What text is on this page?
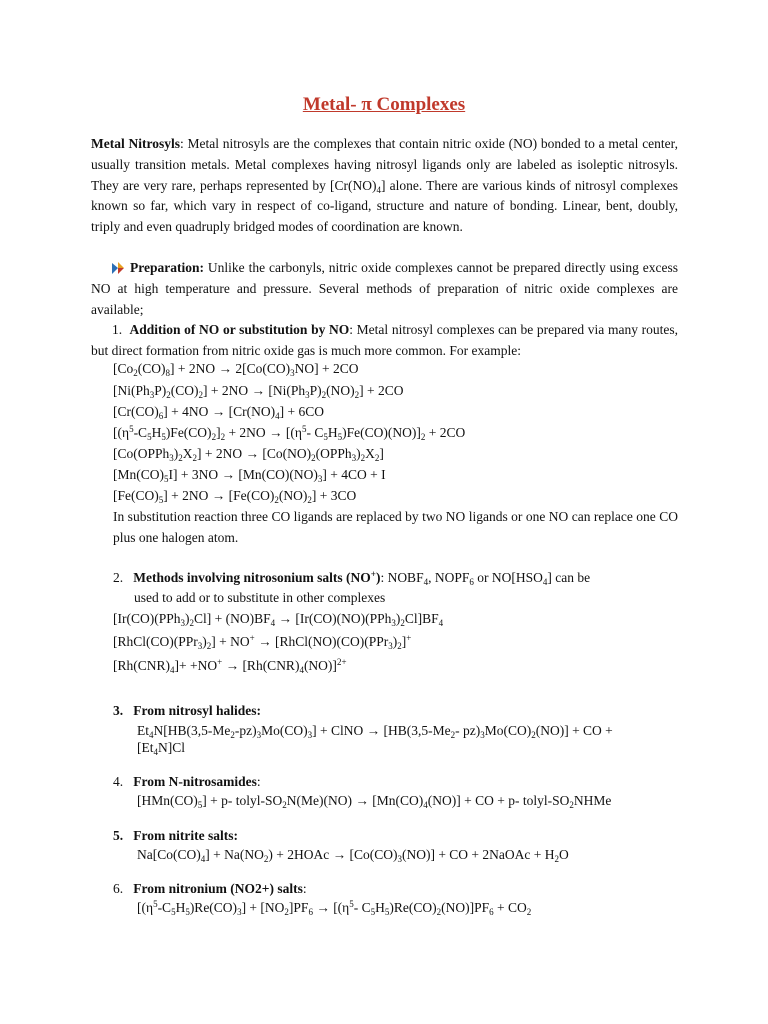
Metal- π Complexes

Metal Nitrosyls: Metal nitrosyls are the complexes that contain nitric oxide (NO) bonded to a metal center, usually transition metals. Metal complexes having nitrosyl ligands only are labeled as isoleptic nitrosyls. They are very rare, perhaps represented by $[Cr(NO)_4]$ alone. There are various kinds of nitrosyl complexes known so far, which vary in respect of co-ligand, structure and nature of bonding. Linear, bent, doubly, triply and even quadruply bridged modes of coordination are known.

Preparation: Unlike the carbonyls, nitric oxide complexes cannot be prepared directly using excess NO at high temperature and pressure. Several methods of preparation of nitric oxide complexes are available;

1. Addition of NO or substitution by NO: Metal nitrosyl complexes can be prepared via many routes, but direct formation from nitric oxide gas is much more common. For example:

$[Co_2(CO)_8] + 2NO \to 2[Co(CO)_3NO] + 2CO$
$[Ni(Ph_3P)_2(CO)_2] + 2NO \to [Ni(Ph_3P)_2(NO)_2] + 2CO$
$[Cr(CO)_6] + 4NO \to [Cr(NO)_4] + 6CO$
$[(\eta^5-C_5H_5)Fe(CO)_2]_2 + 2NO \to [(\eta^5-$ $C_5H_5)Fe(CO)(NO)]_2 + 2CO$
$[Co(OPPh_3)_2X_2] + 2NO$ → $[Co(NO)_2(OPPh_3)_2X_2]$
$[Mn(CO)_5I] + 3NO \to [Mn(CO)(NO)_3] + 4CO + I$
$[Fe(CO)_5] + 2NO \to [Fe(CO)_2(NO)_2] + 3CO$

In substitution reaction three CO ligands are replaced by two NO ligands or one NO can replace one CO plus one halogen atom.

2. Methods involving nitrosonium salts (NO+): $NOBF_4$, $NOPF_6$ or $NO[HSO_4]$ can be
used to add or to substitute in other complexes
$[Ir(CO)(PPh_3)_2Cl] + (NO)BF_4 \to [Ir(CO)(NO)(PPh_3)_2Cl]BF_4$
$[RhCl(CO)(PPr_3)_2] + NO^+$ → $[RhCl(NO)(CO)(PPr_3)_2]^+$
$[Rh(CNR)_4]+ +NO^+ \to [Rh(CNR)_4(NO)]^{2+}$
3. From nitrosyl halides:
$Et_4N[HB(3,5-Me_2-pz)_3Mo(CO)_3]$ + ClNO → [$HB(3,5-Me_2-$ $pz)_3Mo(CO)_2(NO)$] + CO +
$[Et_4N]Cl$
4. From N-nitrosamides:
$[HMn(CO)_5] + p-$ tolyl-$SO_2N(Me)(NO) \to [Mn(CO)_4(NO)]$ + CO + p- tolyl-$SO_2NHMe$
5. From nitrite salts:
$Na[Co(CO)_4] + Na(NO_2)$ + 2HOAc → $[Co(CO)_3(NO)]$ + CO + 2NaOAc + $H_2O$
6. From nitronium (NO2+) salts:
$[(\eta^5-C_5H_5)Re(CO)_3] + [NO_2]PF_6 \to [(\eta^5-$ $C_5H_5)Re(CO)_2(NO)]PF_6 + CO_2$
